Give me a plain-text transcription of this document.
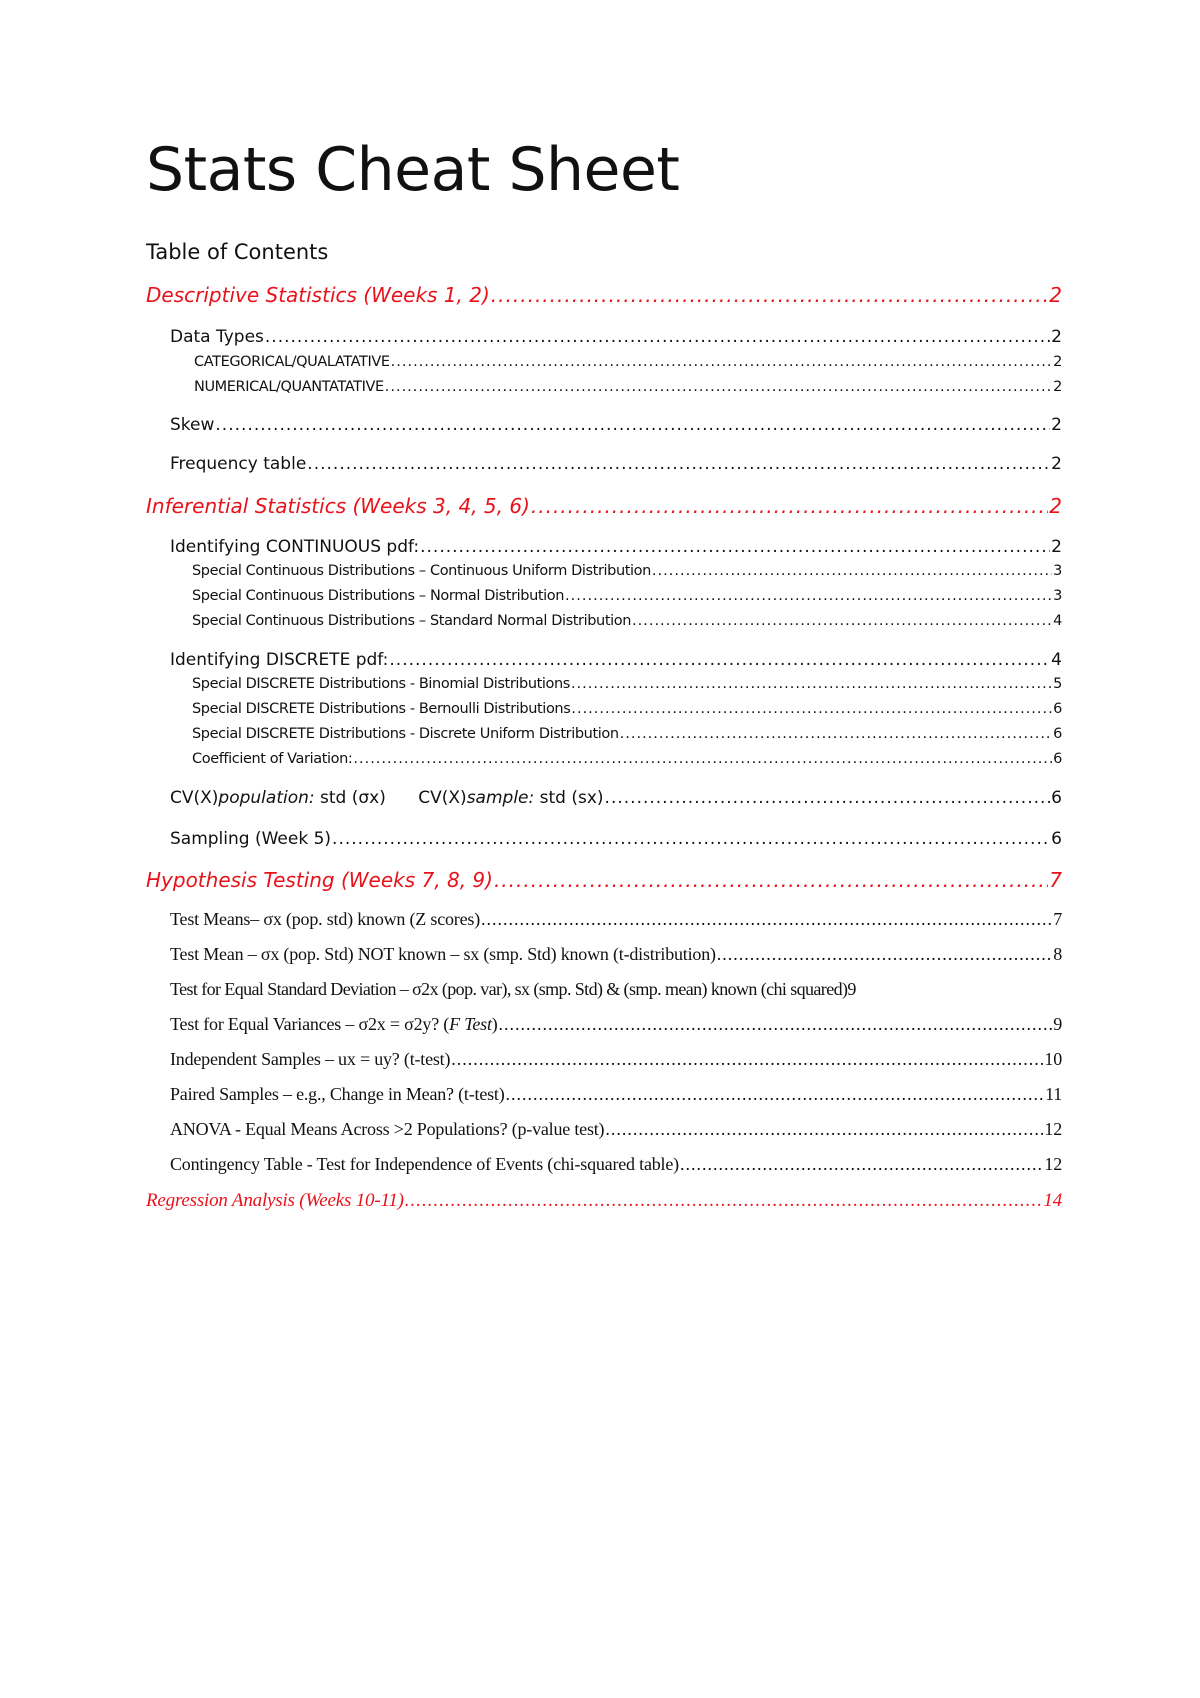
Stats Cheat Sheet
Table of Contents
Descriptive Statistics (Weeks 1, 2) .....	2
Data Types .....	2
CATEGORICAL/QUALATATIVE .....	2
NUMERICAL/QUANTATATIVE .....	2
Skew .....	2
Frequency table .....	2
Inferential Statistics (Weeks 3, 4, 5, 6) .....	2
Identifying CONTINUOUS pdf: .....	2
Special Continuous Distributions – Continuous Uniform Distribution .....	3
Special Continuous Distributions – Normal Distribution .....	3
Special Continuous Distributions – Standard Normal Distribution .....	4
Identifying DISCRETE pdf: .....	4
Special DISCRETE Distributions - Binomial Distributions .....	5
Special DISCRETE Distributions - Bernoulli Distributions .....	6
Special DISCRETE Distributions - Discrete Uniform Distribution .....	6
Coefficient of Variation: .....	6
CV(X)population: std (σx)      CV(X)sample: std (sx) .....	6
Sampling (Week 5) .....	6
Hypothesis Testing (Weeks 7, 8, 9) .....	7
Test Means– σx (pop. std) known (Z scores) .....	7
Test Mean – σx (pop. Std) NOT known – sx (smp. Std) known (t-distribution) .....	8
Test for Equal Standard Deviation – σ2x (pop. var), sx (smp. Std) & (smp. mean) known (chi squared) 9
Test for Equal Variances – σ2x = σ2y? (F Test) .....	9
Independent Samples – ux = uy? (t-test) .....	10
Paired Samples – e.g., Change in Mean? (t-test) .....	11
ANOVA - Equal Means Across >2 Populations? (p-value test) .....	12
Contingency Table - Test for Independence of Events (chi-squared table) .....	12
Regression Analysis (Weeks 10-11) .....	14
